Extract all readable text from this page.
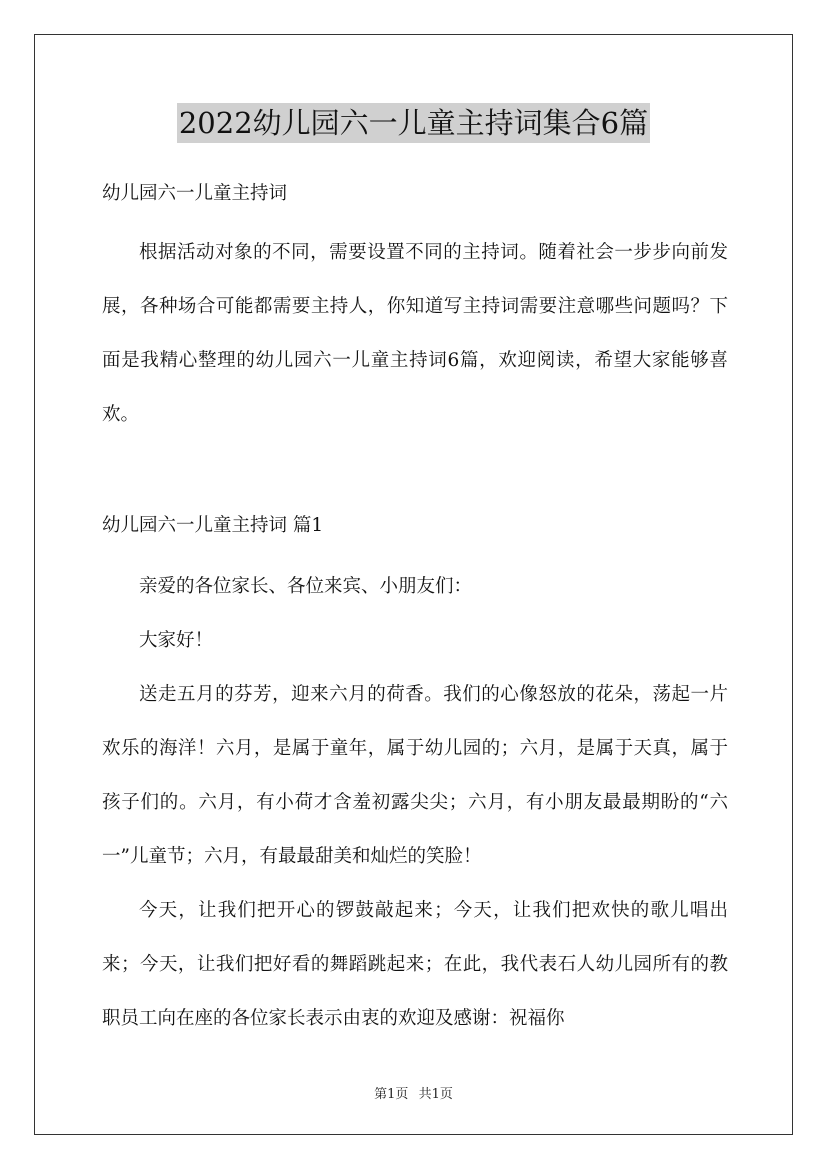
2022幼儿园六一儿童主持词集合6篇

幼儿园六一儿童主持词

根据活动对象的不同，需要设置不同的主持词。随着社会一步步向前发展，各种场合可能都需要主持人，你知道写主持词需要注意哪些问题吗？下面是我精心整理的幼儿园六一儿童主持词6篇，欢迎阅读，希望大家能够喜欢。

幼儿园六一儿童主持词 篇1

亲爱的各位家长、各位来宾、小朋友们：

大家好！

送走五月的芬芳，迎来六月的荷香。我们的心像怒放的花朵，荡起一片欢乐的海洋！六月，是属于童年，属于幼儿园的；六月，是属于天真，属于孩子们的。六月，有小荷才含羞初露尖尖；六月，有小朋友最最期盼的“六一”儿童节；六月，有最最甜美和灿烂的笑脸！

今天，让我们把开心的锣鼓敲起来；今天，让我们把欢快的歌儿唱出来；今天，让我们把好看的舞蹈跳起来；在此，我代表石人幼儿园所有的教职员工向在座的各位家长表示由衷的欢迎及感谢：祝福你

第1页 共1页
